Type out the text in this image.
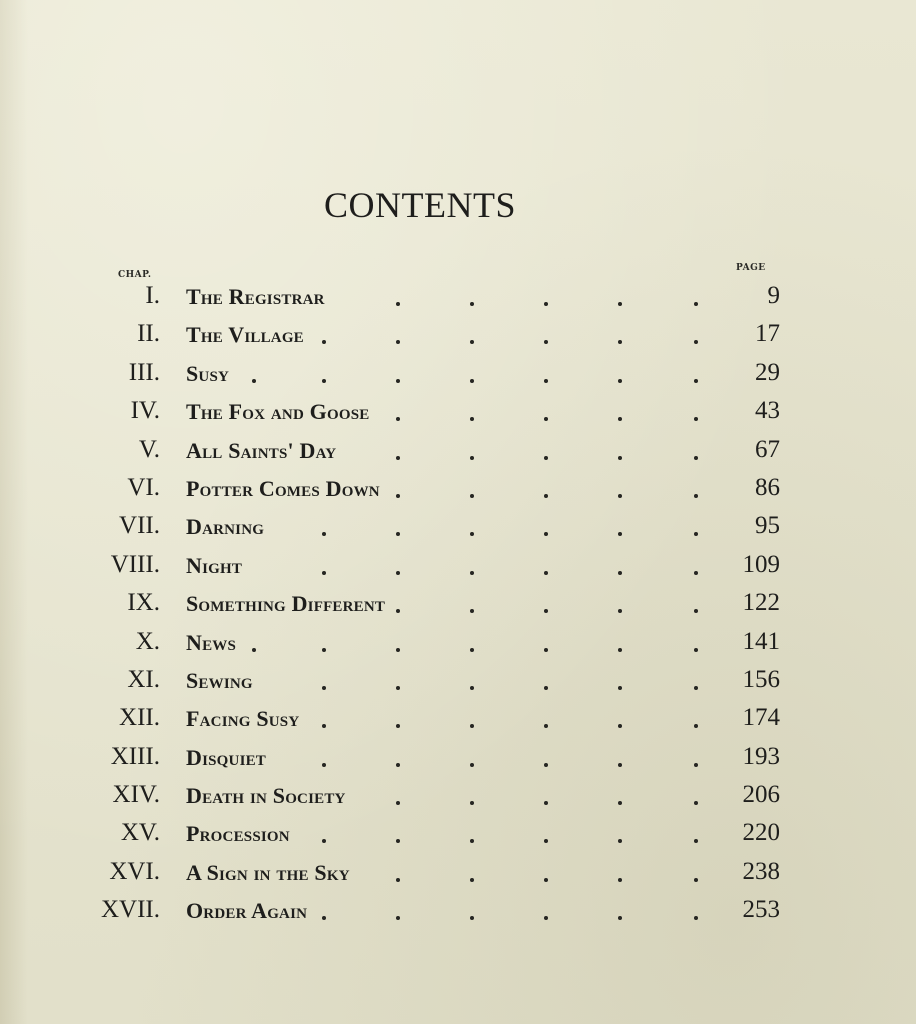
CONTENTS
CHAP.
PAGE
I. The Registrar	9
II. The Village	17
III. Susy	29
IV. The Fox and Goose	43
V. All Saints' Day	67
VI. Potter Comes Down	86
VII. Darning	95
VIII. Night	109
IX. Something Different	122
X. News	141
XI. Sewing	156
XII. Facing Susy	174
XIII. Disquiet	193
XIV. Death in Society	206
XV. Procession	220
XVI. A Sign in the Sky	238
XVII. Order Again	253
